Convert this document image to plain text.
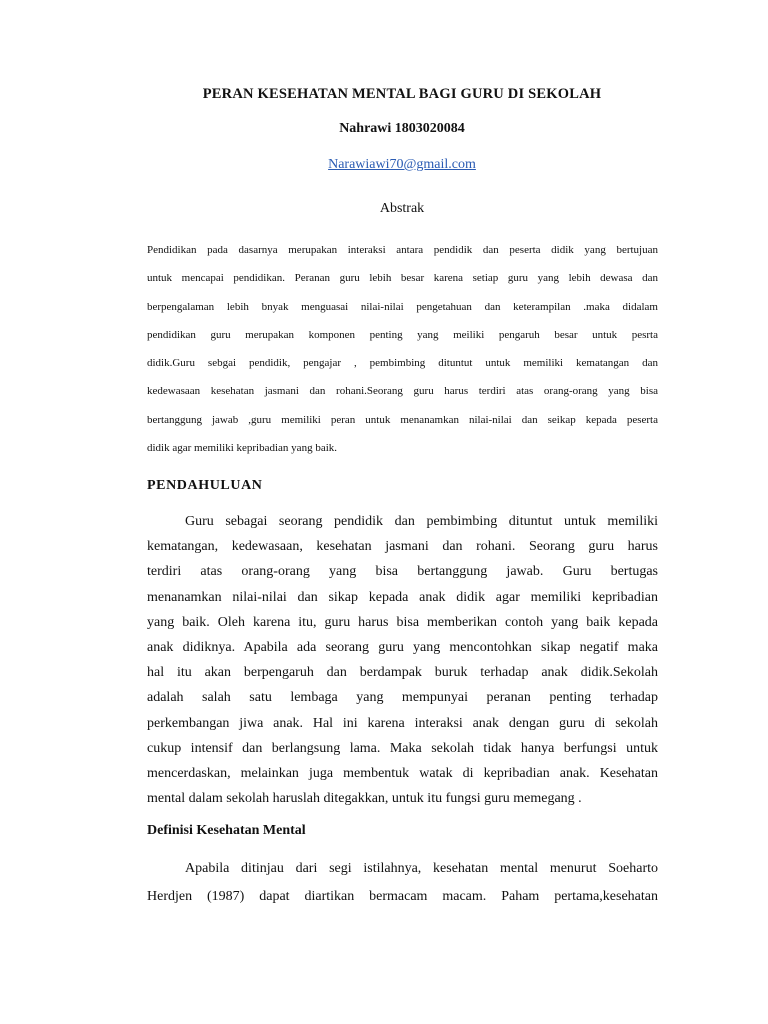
PERAN KESEHATAN MENTAL BAGI GURU DI SEKOLAH
Nahrawi 1803020084
Narawiawi70@gmail.com
Abstrak
Pendidikan pada dasarnya merupakan interaksi antara pendidik dan peserta didik yang bertujuan
untuk mencapai pendidikan. Peranan guru lebih besar karena setiap guru yang lebih dewasa dan
berpengalaman lebih bnyak menguasai nilai-nilai pengetahuan dan keterampilan .maka didalam
pendidikan guru merupakan komponen penting yang meiliki pengaruh besar untuk pesrta
didik.Guru sebgai pendidik, pengajar , pembimbing dituntut untuk memiliki kematangan dan
kedewasaan kesehatan jasmani dan rohani.Seorang guru harus terdiri atas orang-orang yang bisa
bertanggung jawab ,guru memiliki peran untuk menanamkan nilai-nilai dan seikap kepada peserta
didik agar memiliki kepribadian yang baik.
PENDAHULUAN
Guru sebagai seorang pendidik dan pembimbing dituntut untuk memiliki
kematangan, kedewasaan, kesehatan jasmani dan rohani. Seorang guru harus
terdiri atas orang-orang yang bisa bertanggung jawab. Guru bertugas
menanamkan nilai-nilai dan sikap kepada anak didik agar memiliki kepribadian
yang baik. Oleh karena itu, guru harus bisa memberikan contoh yang baik kepada
anak didiknya. Apabila ada seorang guru yang mencontohkan sikap negatif maka
hal itu akan berpengaruh dan berdampak buruk terhadap anak didik.Sekolah
adalah salah satu lembaga yang mempunyai peranan penting terhadap
perkembangan jiwa anak. Hal ini karena interaksi anak dengan guru di sekolah
cukup intensif dan berlangsung lama. Maka sekolah tidak hanya berfungsi untuk
mencerdaskan, melainkan juga membentuk watak di kepribadian anak. Kesehatan
mental dalam sekolah haruslah ditegakkan, untuk itu fungsi guru memegang .
Definisi Kesehatan Mental
Apabila ditinjau dari segi istilahnya, kesehatan mental menurut Soeharto
Herdjen (1987) dapat diartikan bermacam macam. Paham pertama,kesehatan
